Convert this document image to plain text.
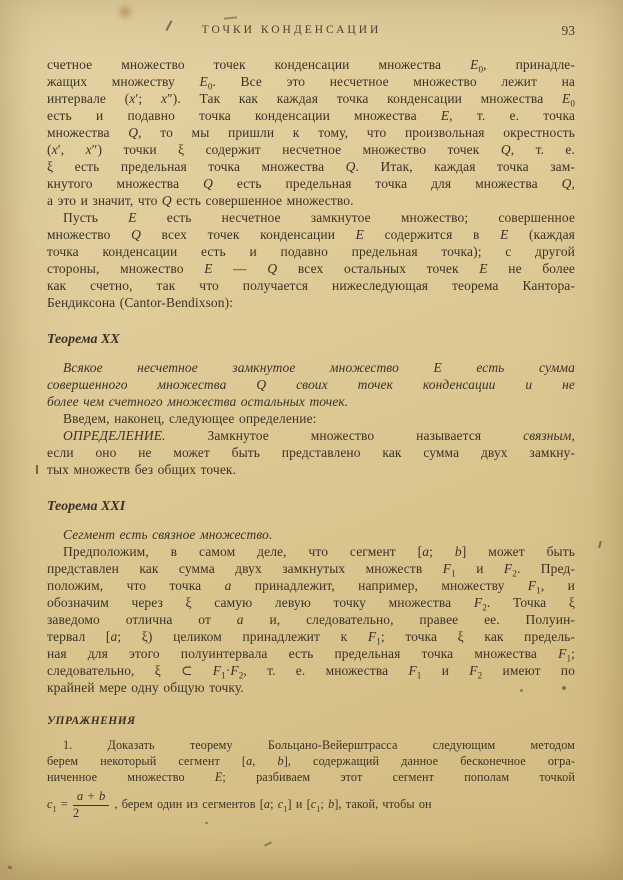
ТОЧКИ КОНДЕНСАЦИИ	93
счетное множество точек конденсации множества $E_0$, принадле-
жащих множеству $E_0$. Все это несчетное множество лежит на
интервале (x′; x″). Так как каждая точка конденсации множества $E_0$
есть и подавно точка конденсации множества E, т. е. точка
множества Q, то мы пришли к тому, что произвольная окрестность
(x′, x″) точки ξ содержит несчетное множество точек Q, т. е.
ξ есть предельная точка множества Q. Итак, каждая точка зам-
кнутого множества Q есть предельная точка для множества Q,
а это и значит, что Q есть совершенное множество.
Пусть E есть несчетное замкнутое множество; совершенное
множество Q всех точек конденсации E содержится в E (каждая
точка конденсации есть и подавно предельная точка); с другой
стороны, множество E — Q всех остальных точек E не более
как счетно, так что получается нижеследующая теорема Кантора-
Бендиксона (Cantor-Bendixson):
Теорема XX
Всякое несчетное замкнутое множество E есть сумма
совершенного множества Q своих точек конденсации и не
более чем счетного множества остальных точек.
Введем, наконец, следующее определение:
ОПРЕДЕЛЕНИЕ. Замкнутое множество называется связным,
если оно не может быть представлено как сумма двух замкну-
тых множеств без общих точек.
Теорема XXI
Сегмент есть связное множество.
Предположим, в самом деле, что сегмент [a; b] может быть
представлен как сумма двух замкнутых множеств $F_1$ и $F_2$. Пред-
положим, что точка a принадлежит, например, множеству $F_1$, и
обозначим через ξ самую левую точку множества $F_2$. Точка ξ
заведомо отлична от a и, следовательно, правее ее. Полуин-
тервал [a; ξ) целиком принадлежит к $F_1$; точка ξ как предель-
ная для этого полуинтервала есть предельная точка множества $F_1$;
следовательно, ξ ⊂ $F_1\cdot F_2$, т. е. множества $F_1$ и $F_2$ имеют по
крайней мере одну общую точку.
УПРАЖНЕНИЯ
1. Доказать теорему Больцано-Вейерштрасса следующим методом
берем некоторый сегмент [a, b], содержащий данное бесконечное огра-
ниченное множество E; разбиваем этот сегмент пополам точкой
$c_1 = \frac{a + b}{2}$ , берем один из сегментов [a; $c_1$] и [$c_1$; b], такой, чтобы он
